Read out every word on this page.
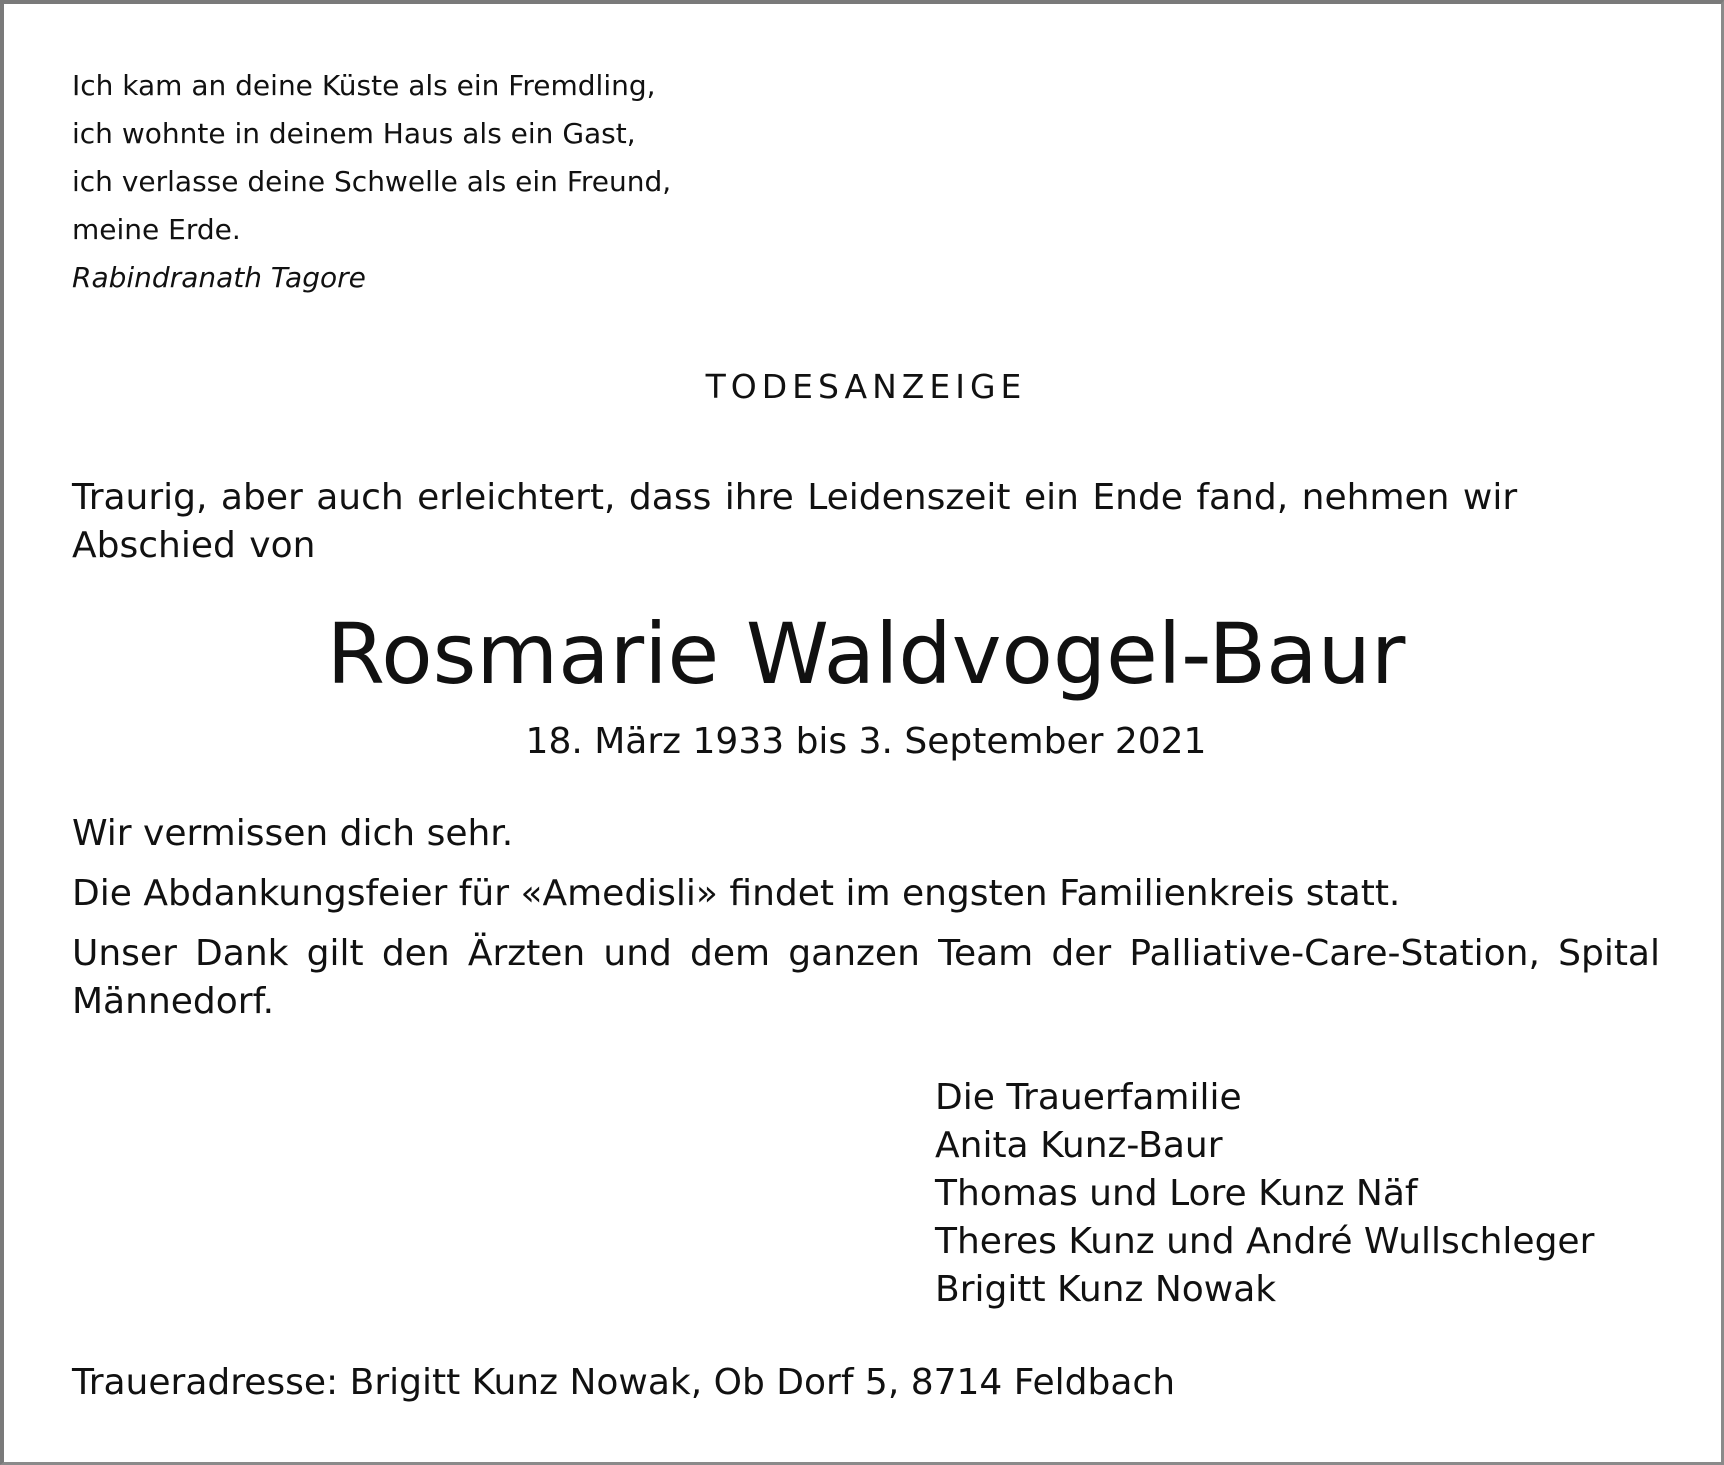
Ich kam an deine Küste als ein Fremdling,
ich wohnte in deinem Haus als ein Gast,
ich verlasse deine Schwelle als ein Freund,
meine Erde.
Rabindranath Tagore

TODESANZEIGE

Traurig, aber auch erleichtert, dass ihre Leidenszeit ein Ende fand, nehmen wir Abschied von

Rosmarie Waldvogel-Baur

18. März 1933 bis 3. September 2021

Wir vermissen dich sehr.

Die Abdankungsfeier für «Amedisli» findet im engsten Familienkreis statt.

Unser Dank gilt den Ärzten und dem ganzen Team der Palliative-Care-Station, Spital Männedorf.

Die Trauerfamilie
Anita Kunz-Baur
Thomas und Lore Kunz Näf
Theres Kunz und André Wullschleger
Brigitt Kunz Nowak

Traueradresse: Brigitt Kunz Nowak, Ob Dorf 5, 8714 Feldbach
